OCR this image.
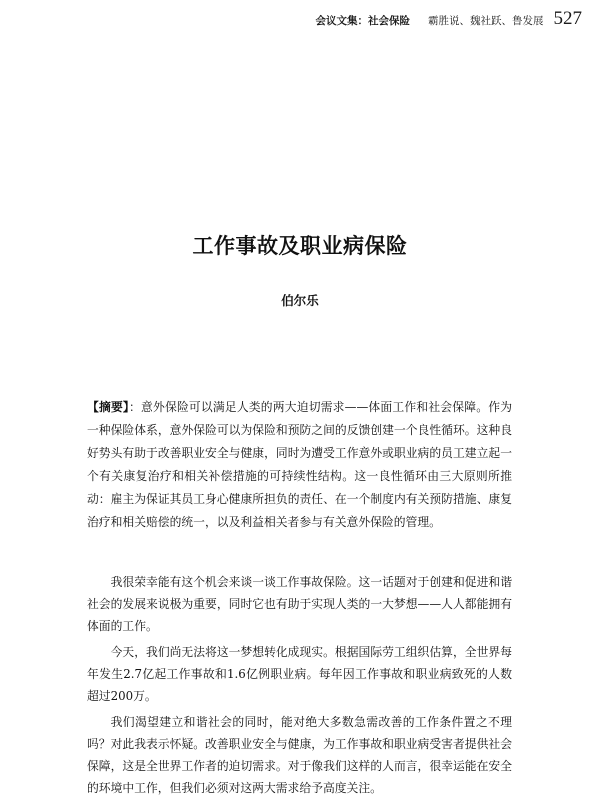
会议文集：社会保险 霸胜说、魏社跃、鲁发展 527
工作事故及职业病保险
伯尔乐
【摘要】：意外保险可以满足人类的两大迫切需求——体面工作和社会保障。作为一种保险体系，意外保险可以为保险和预防之间的反馈创建一个良性循环。这种良好势头有助于改善职业安全与健康，同时为遭受工作意外或职业病的员工建立起一个有关康复治疗和相关补偿措施的可持续性结构。这一良性循环由三大原则所推动：雇主为保证其员工身心健康所担负的责任、在一个制度内有关预防措施、康复治疗和相关赔偿的统一，以及利益相关者参与有关意外保险的管理。

我很荣幸能有这个机会来谈一谈工作事故保险。这一话题对于创建和促进和谐社会的发展来说极为重要，同时它也有助于实现人类的一大梦想——人人都能拥有体面的工作。

今天，我们尚无法将这一梦想转化成现实。根据国际劳工组织估算，全世界每年发生2.7亿起工作事故和1.6亿例职业病。每年因工作事故和职业病致死的人数超过200万。

我们渴望建立和谐社会的同时，能对绝大多数急需改善的工作条件置之不理吗？对此我表示怀疑。改善职业安全与健康，为工作事故和职业病受害者提供社会保障，这是全世界工作者的迫切需求。对于像我们这样的人而言，很幸运能在安全的环境中工作，但我们必须对这两大需求给予高度关注。
